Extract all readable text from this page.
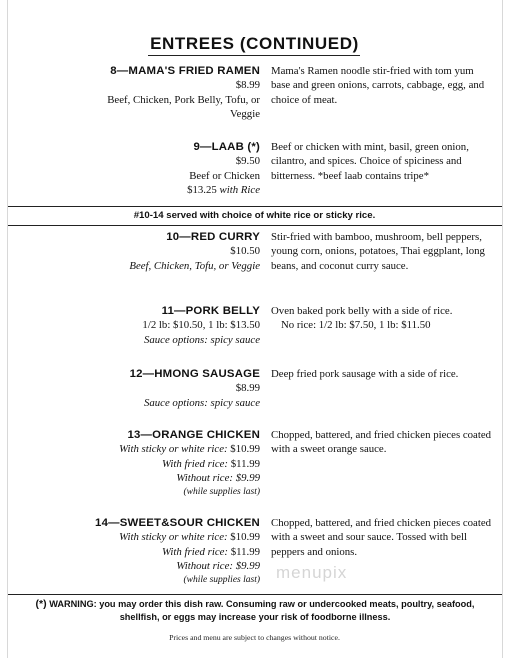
ENTREES (CONTINUED)
8—MAMA'S FRIED RAMEN
$8.99
Beef, Chicken, Pork Belly, Tofu, or
Veggie
Mama's Ramen noodle stir-fried with tom yum base and green onions, carrots, cabbage, egg, and choice of meat.
9—LAAB (*)
$9.50
Beef or Chicken
$13.25 with Rice
Beef or chicken with mint, basil, green onion, cilantro, and spices. Choice of spiciness and bitterness. *beef laab contains tripe*
#10-14 served with choice of white rice or sticky rice.
10—RED CURRY
$10.50
Beef, Chicken, Tofu, or Veggie
Stir-fried with bamboo, mushroom, bell peppers, young corn, onions, potatoes, Thai eggplant, long beans, and coconut curry sauce.
11—PORK BELLY
1/2 lb: $10.50, 1 lb: $13.50
Sauce options: spicy sauce
Oven baked pork belly with a side of rice.
No rice: 1/2 lb: $7.50, 1 lb: $11.50
12—HMONG SAUSAGE
$8.99
Sauce options: spicy sauce
Deep fried pork sausage with a side of rice.
13—ORANGE CHICKEN
With sticky or white rice: $10.99
With fried rice: $11.99
Without rice: $9.99
(while supplies last)
Chopped, battered, and fried chicken pieces coated with a sweet orange sauce.
14—SWEET&SOUR CHICKEN
With sticky or white rice: $10.99
With fried rice: $11.99
Without rice: $9.99
(while supplies last)
Chopped, battered, and fried chicken pieces coated with a sweet and sour sauce. Tossed with bell peppers and onions.
menupix
(*) WARNING: you may order this dish raw. Consuming raw or undercooked meats, poultry, seafood, shellfish, or eggs may increase your risk of foodborne illness.
Prices and menu are subject to changes without notice.
